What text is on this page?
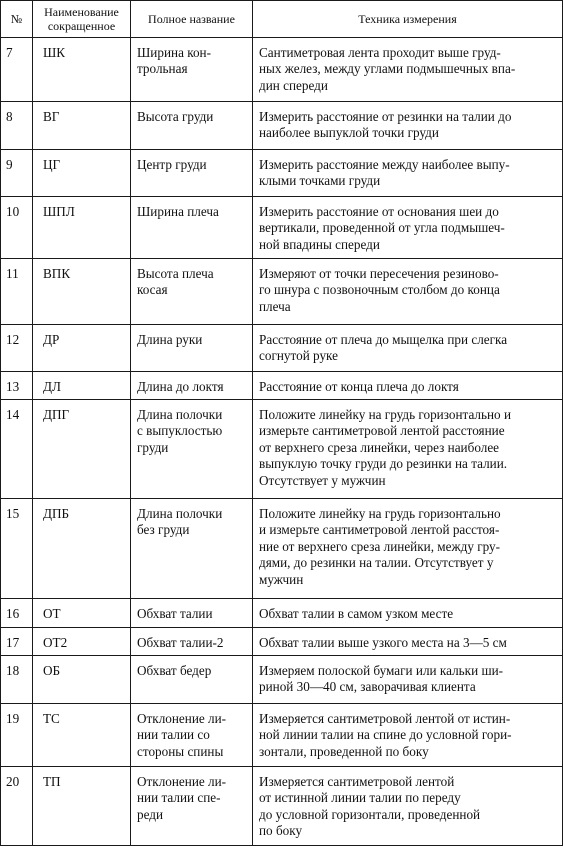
№	Наименование сокращенное	Полное название	Техника измерения
7	ШК	Ширина кон-
трольная	Сантиметровая лента проходит выше груд-
ных желез, между углами подмышечных впа-
дин спереди
8	ВГ	Высота груди	Измерить расстояние от резинки на талии до
наиболее выпуклой точки груди
9	ЦГ	Центр груди	Измерить расстояние между наиболее выпу-
клыми точками груди
10	ШПЛ	Ширина плеча	Измерить расстояние от основания шеи до
вертикали, проведенной от угла подмышеч-
ной впадины спереди
11	ВПК	Высота плеча
косая	Измеряют от точки пересечения резиново-
го шнура с позвоночным столбом до конца
плеча
12	ДР	Длина руки	Расстояние от плеча до мыщелка при слегка
согнутой руке
13	ДЛ	Длина до локтя	Расстояние от конца плеча до локтя
14	ДПГ	Длина полочки
с выпуклостью
груди	Положите линейку на грудь горизонтально и
измерьте сантиметровой лентой расстояние
от верхнего среза линейки, через наиболее
выпуклую точку груди до резинки на талии.
Отсутствует у мужчин
15	ДПБ	Длина полочки
без груди	Положите линейку на грудь горизонтально
и измерьте сантиметровой лентой расстоя-
ние от верхнего среза линейки, между гру-
дями, до резинки на талии. Отсутствует у
мужчин
16	ОТ	Обхват талии	Обхват талии в самом узком месте
17	ОТ2	Обхват талии-2	Обхват талии выше узкого места на 3—5 см
18	ОБ	Обхват бедер	Измеряем полоской бумаги или кальки ши-
риной 30—40 см, заворачивая клиента
19	ТС	Отклонение ли-
нии талии со
стороны спины	Измеряется сантиметровой лентой от истин-
ной линии талии на спине до условной гори-
зонтали, проведенной по боку
20	ТП	Отклонение ли-
нии талии спе-
реди	Измеряется сантиметровой лентой
от истинной линии талии по переду
до условной горизонтали, проведенной
по боку
